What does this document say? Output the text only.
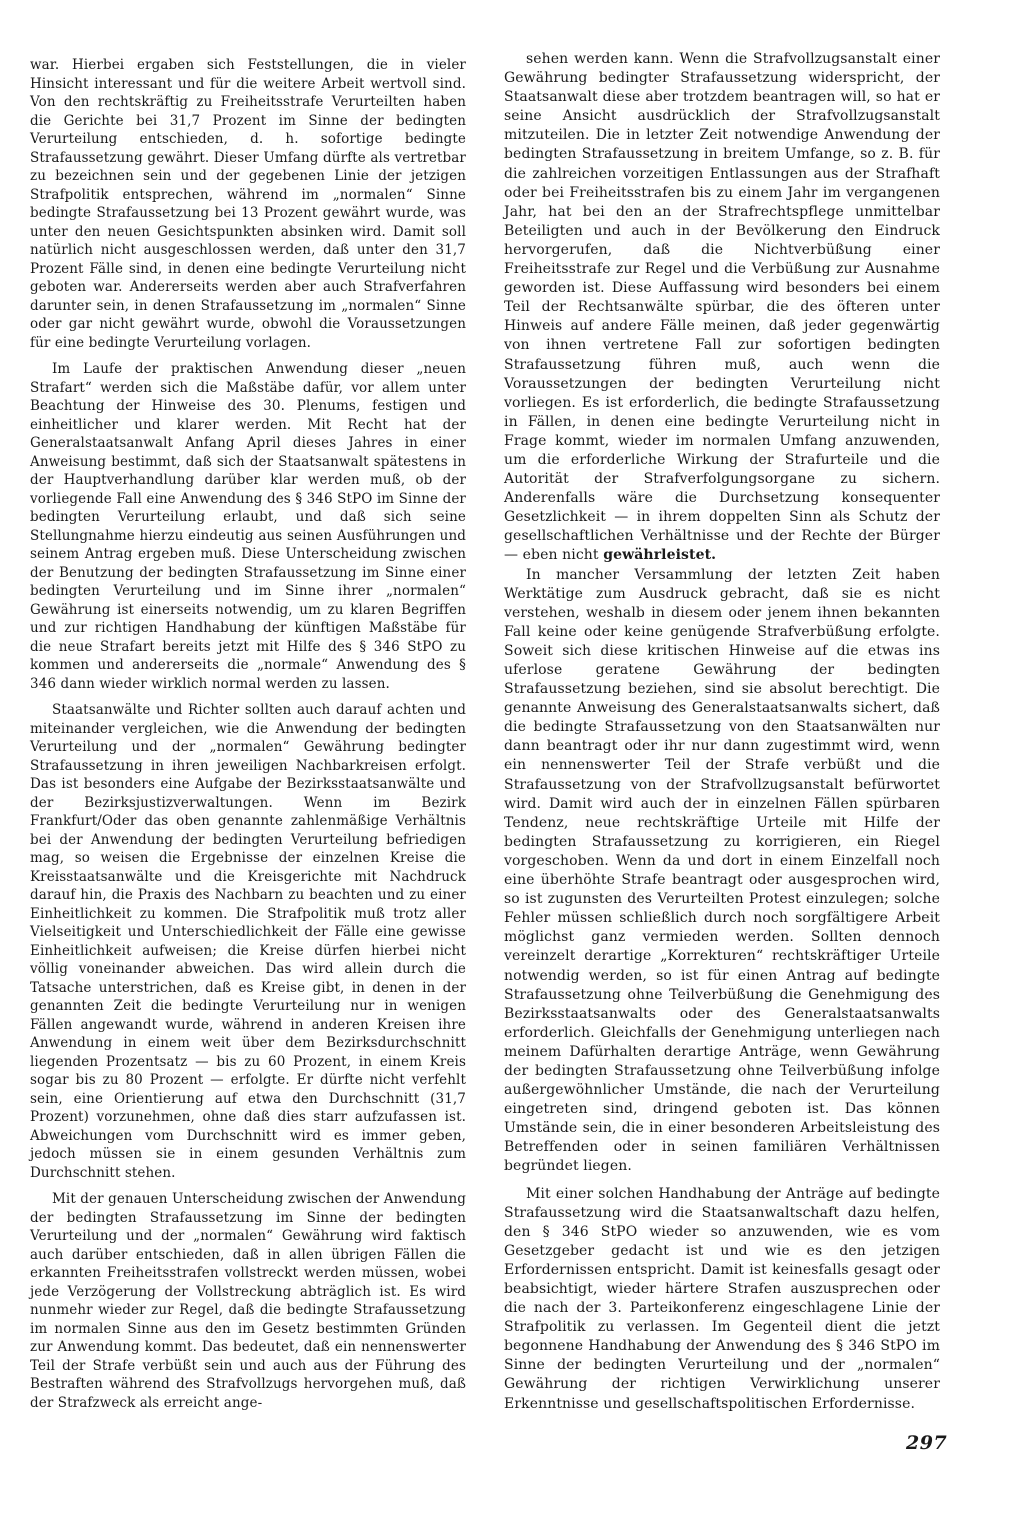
war. Hierbei ergaben sich Feststellungen, die in vieler Hinsicht interessant und für die weitere Arbeit wertvoll sind. Von den rechtskräftig zu Freiheitsstrafe Verurteilten haben die Gerichte bei 31,7 Prozent im Sinne der bedingten Verurteilung entschieden, d. h. sofortige bedingte Strafaussetzung gewährt. Dieser Umfang dürfte als vertretbar zu bezeichnen sein und der gegebenen Linie der jetzigen Strafpolitik entsprechen, während im „normalen“ Sinne bedingte Strafaussetzung bei 13 Prozent gewährt wurde, was unter den neuen Gesichtspunkten absinken wird. Damit soll natürlich nicht ausgeschlossen werden, daß unter den 31,7 Prozent Fälle sind, in denen eine bedingte Verurteilung nicht geboten war. Andererseits werden aber auch Strafverfahren darunter sein, in denen Strafaussetzung im „normalen“ Sinne oder gar nicht gewährt wurde, obwohl die Voraussetzungen für eine bedingte Verurteilung vorlagen.

Im Laufe der praktischen Anwendung dieser „neuen Strafart“ werden sich die Maßstäbe dafür, vor allem unter Beachtung der Hinweise des 30. Plenums, festigen und einheitlicher und klarer werden. Mit Recht hat der Generalstaatsanwalt Anfang April dieses Jahres in einer Anweisung bestimmt, daß sich der Staatsanwalt spätestens in der Hauptverhandlung darüber klar werden muß, ob der vorliegende Fall eine Anwendung des § 346 StPO im Sinne der bedingten Verurteilung erlaubt, und daß sich seine Stellungnahme hierzu eindeutig aus seinen Ausführungen und seinem Antrag ergeben muß. Diese Unterscheidung zwischen der Benutzung der bedingten Strafaussetzung im Sinne einer bedingten Verurteilung und im Sinne ihrer „normalen“ Gewährung ist einerseits notwendig, um zu klaren Begriffen und zur richtigen Handhabung der künftigen Maßstäbe für die neue Strafart bereits jetzt mit Hilfe des § 346 StPO zu kommen und andererseits die „normale“ Anwendung des § 346 dann wieder wirklich normal werden zu lassen.

Staatsanwälte und Richter sollten auch darauf achten und miteinander vergleichen, wie die Anwendung der bedingten Verurteilung und der „normalen“ Gewährung bedingter Strafaussetzung in ihren jeweiligen Nachbarkreisen erfolgt. Das ist besonders eine Aufgabe der Bezirksstaatsanwälte und der Bezirksjustizverwaltungen. Wenn im Bezirk Frankfurt/Oder das oben genannte zahlenmäßige Verhältnis bei der Anwendung der bedingten Verurteilung befriedigen mag, so weisen die Ergebnisse der einzelnen Kreise die Kreisstaatsanwälte und die Kreisgerichte mit Nachdruck darauf hin, die Praxis des Nachbarn zu beachten und zu einer Einheitlichkeit zu kommen. Die Strafpolitik muß trotz aller Vielseitigkeit und Unterschiedlichkeit der Fälle eine gewisse Einheitlichkeit aufweisen; die Kreise dürfen hierbei nicht völlig voneinander abweichen. Das wird allein durch die Tatsache unterstrichen, daß es Kreise gibt, in denen in der genannten Zeit die bedingte Verurteilung nur in wenigen Fällen angewandt wurde, während in anderen Kreisen ihre Anwendung in einem weit über dem Bezirksdurchschnitt liegenden Prozentsatz — bis zu 60 Prozent, in einem Kreis sogar bis zu 80 Prozent — erfolgte. Er dürfte nicht verfehlt sein, eine Orientierung auf etwa den Durchschnitt (31,7 Prozent) vorzunehmen, ohne daß dies starr aufzufassen ist. Abweichungen vom Durchschnitt wird es immer geben, jedoch müssen sie in einem gesunden Verhältnis zum Durchschnitt stehen.

Mit der genauen Unterscheidung zwischen der Anwendung der bedingten Strafaussetzung im Sinne der bedingten Verurteilung und der „normalen“ Gewährung wird faktisch auch darüber entschieden, daß in allen übrigen Fällen die erkannten Freiheitsstrafen vollstreckt werden müssen, wobei jede Verzögerung der Vollstreckung abträglich ist. Es wird nunmehr wieder zur Regel, daß die bedingte Strafaussetzung im normalen Sinne aus den im Gesetz bestimmten Gründen zur Anwendung kommt. Das bedeutet, daß ein nennenswerter Teil der Strafe verbüßt sein und auch aus der Führung des Bestraften während des Strafvollzugs hervorgehen muß, daß der Strafzweck als erreicht ange-

sehen werden kann. Wenn die Strafvollzugsanstalt einer Gewährung bedingter Strafaussetzung widerspricht, der Staatsanwalt diese aber trotzdem beantragen will, so hat er seine Ansicht ausdrücklich der Strafvollzugsanstalt mitzuteilen. Die in letzter Zeit notwendige Anwendung der bedingten Strafaussetzung in breitem Umfange, so z. B. für die zahlreichen vorzeitigen Entlassungen aus der Strafhaft oder bei Freiheitsstrafen bis zu einem Jahr im vergangenen Jahr, hat bei den an der Strafrechtspflege unmittelbar Beteiligten und auch in der Bevölkerung den Eindruck hervorgerufen, daß die Nichtverbüßung einer Freiheitsstrafe zur Regel und die Verbüßung zur Ausnahme geworden ist. Diese Auffassung wird besonders bei einem Teil der Rechtsanwälte spürbar, die des öfteren unter Hinweis auf andere Fälle meinen, daß jeder gegenwärtig von ihnen vertretene Fall zur sofortigen bedingten Strafaussetzung führen muß, auch wenn die Voraussetzungen der bedingten Verurteilung nicht vorliegen. Es ist erforderlich, die bedingte Strafaussetzung in Fällen, in denen eine bedingte Verurteilung nicht in Frage kommt, wieder im normalen Umfang anzuwenden, um die erforderliche Wirkung der Strafurteile und die Autorität der Strafverfolgungsorgane zu sichern. Anderenfalls wäre die Durchsetzung konsequenter Gesetzlichkeit — in ihrem doppelten Sinn als Schutz der gesellschaftlichen Verhältnisse und der Rechte der Bürger — eben nicht gewährleistet.

In mancher Versammlung der letzten Zeit haben Werktätige zum Ausdruck gebracht, daß sie es nicht verstehen, weshalb in diesem oder jenem ihnen bekannten Fall keine oder keine genügende Strafverbüßung erfolgte. Soweit sich diese kritischen Hinweise auf die etwas ins uferlose geratene Gewährung der bedingten Strafaussetzung beziehen, sind sie absolut berechtigt. Die genannte Anweisung des Generalstaatsanwalts sichert, daß die bedingte Strafaussetzung von den Staatsanwälten nur dann beantragt oder ihr nur dann zugestimmt wird, wenn ein nennenswerter Teil der Strafe verbüßt und die Strafaussetzung von der Strafvollzugsanstalt befürwortet wird. Damit wird auch der in einzelnen Fällen spürbaren Tendenz, neue rechtskräftige Urteile mit Hilfe der bedingten Strafaussetzung zu korrigieren, ein Riegel vorgeschoben. Wenn da und dort in einem Einzelfall noch eine überhöhte Strafe beantragt oder ausgesprochen wird, so ist zugunsten des Verurteilten Protest einzulegen; solche Fehler müssen schließlich durch noch sorgfältigere Arbeit möglichst ganz vermieden werden. Sollten dennoch vereinzelt derartige „Korrekturen“ rechtskräftiger Urteile notwendig werden, so ist für einen Antrag auf bedingte Strafaussetzung ohne Teilverbüßung die Genehmigung des Bezirksstaatsanwalts oder des Generalstaatsanwalts erforderlich. Gleichfalls der Genehmigung unterliegen nach meinem Dafürhalten derartige Anträge, wenn Gewährung der bedingten Strafaussetzung ohne Teilverbüßung infolge außergewöhnlicher Umstände, die nach der Verurteilung eingetreten sind, dringend geboten ist. Das können Umstände sein, die in einer besonderen Arbeitsleistung des Betreffenden oder in seinen familiären Verhältnissen begründet liegen.

Mit einer solchen Handhabung der Anträge auf bedingte Strafaussetzung wird die Staatsanwaltschaft dazu helfen, den § 346 StPO wieder so anzuwenden, wie es vom Gesetzgeber gedacht ist und wie es den jetzigen Erfordernissen entspricht. Damit ist keinesfalls gesagt oder beabsichtigt, wieder härtere Strafen auszusprechen oder die nach der 3. Parteikonferenz eingeschlagene Linie der Strafpolitik zu verlassen. Im Gegenteil dient die jetzt begonnene Handhabung der Anwendung des § 346 StPO im Sinne der bedingten Verurteilung und der „normalen“ Gewährung der richtigen Verwirklichung unserer Erkenntnisse und gesellschaftspolitischen Erfordernisse.

297
